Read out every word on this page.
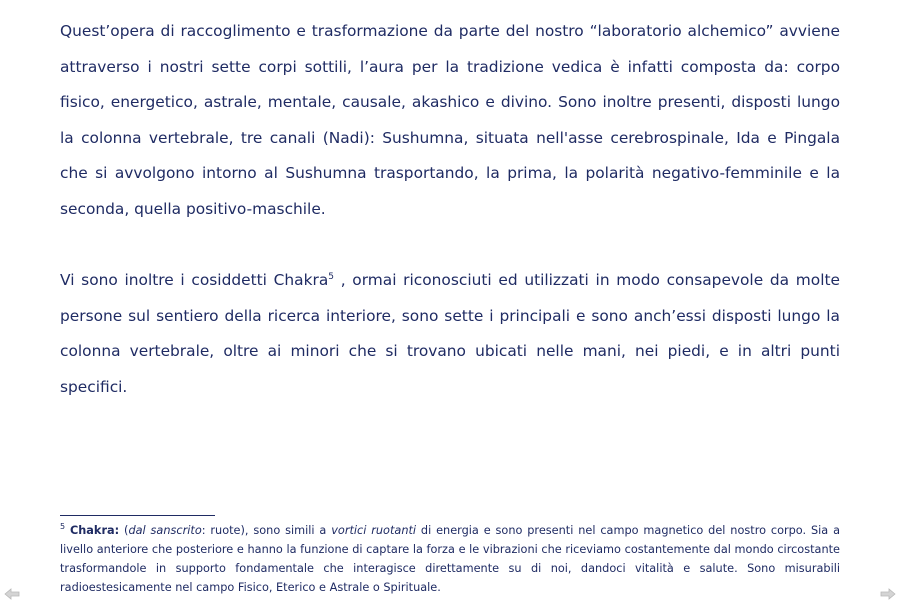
Quest’opera di raccoglimento e trasformazione da parte del nostro “laboratorio alchemico” avviene attraverso i nostri sette corpi sottili, l’aura per la tradizione vedica è infatti composta da: corpo fisico, energetico, astrale, mentale, causale, akashico e divino. Sono inoltre presenti, disposti lungo la colonna vertebrale, tre canali (Nadi): Sushumna, situata nell'asse cerebrospinale, Ida e Pingala che si avvolgono intorno al Sushumna trasportando, la prima, la polarità negativo-femminile e la seconda, quella positivo-maschile.

Vi sono inoltre i cosiddetti Chakra$^5$ , ormai riconosciuti ed utilizzati in modo consapevole da molte persone sul sentiero della ricerca interiore, sono sette i principali e sono anch’essi disposti lungo la colonna vertebrale, oltre ai minori che si trovano ubicati nelle mani, nei piedi, e in altri punti specifici.

$^5$ Chakra: (dal sanscrito: ruote), sono simili a vortici ruotanti di energia e sono presenti nel campo magnetico del nostro corpo. Sia a livello anteriore che posteriore e hanno la funzione di captare la forza e le vibrazioni che riceviamo costantemente dal mondo circostante trasformandole in supporto fondamentale che interagisce direttamente su di noi, dandoci vitalità e salute. Sono misurabili radioestesicamente nel campo Fisico, Eterico e Astrale o Spirituale.
